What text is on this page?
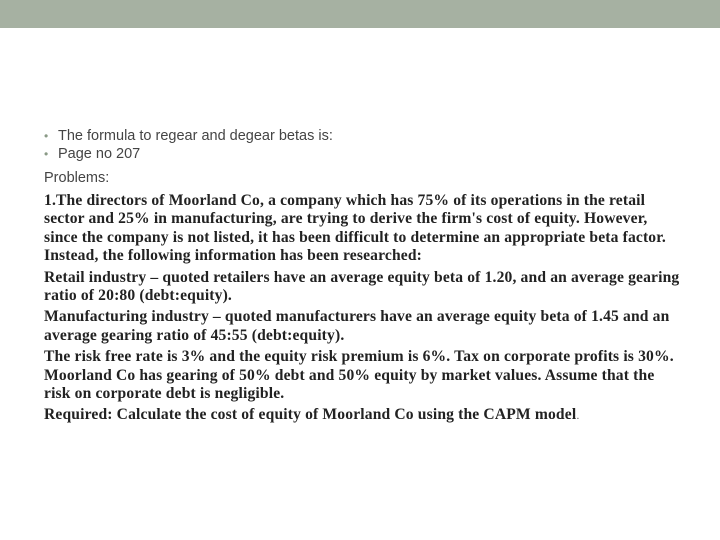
• The formula to regear and degear betas is:
• Page no 207
Problems:

1.The directors of Moorland Co, a company which has 75% of its operations in the retail sector and 25% in manufacturing, are trying to derive the firm's cost of equity. However, since the company is not listed, it has been difficult to determine an appropriate beta factor. Instead, the following information has been researched:

Retail industry – quoted retailers have an average equity beta of 1.20, and an average gearing ratio of 20:80 (debt:equity).

Manufacturing industry – quoted manufacturers have an average equity beta of 1.45 and an average gearing ratio of 45:55 (debt:equity).

The risk free rate is 3% and the equity risk premium is 6%. Tax on corporate profits is 30%. Moorland Co has gearing of 50% debt and 50% equity by market values. Assume that the risk on corporate debt is negligible.

Required: Calculate the cost of equity of Moorland Co using the CAPM model.
